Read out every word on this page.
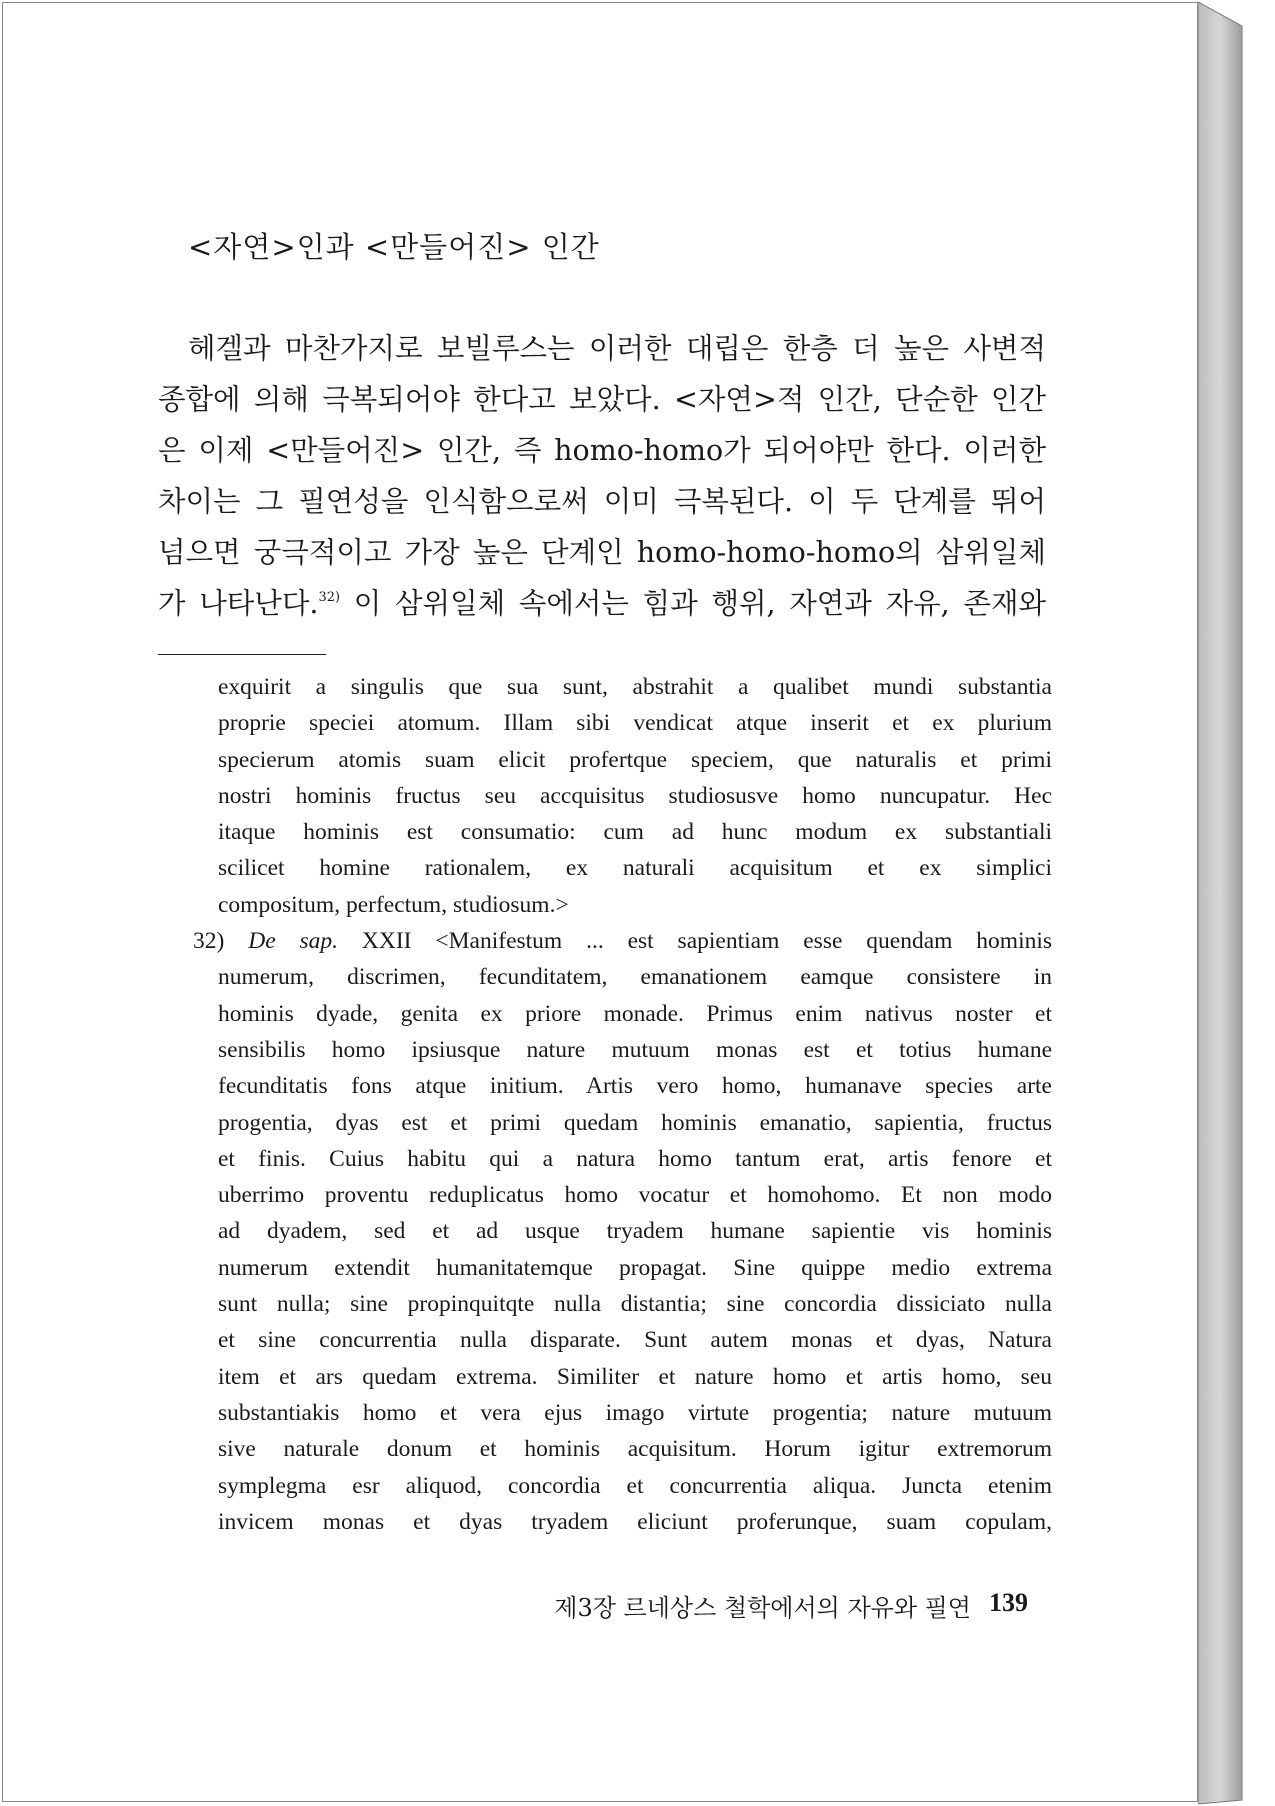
<자연>인과 <만들어진> 인간
헤겔과 마찬가지로 보빌루스는 이러한 대립은 한층 더 높은 사변적
종합에 의해 극복되어야 한다고 보았다. <자연>적 인간, 단순한 인간
은 이제 <만들어진> 인간, 즉 homo-homo가 되어야만 한다. 이러한
차이는 그 필연성을 인식함으로써 이미 극복된다. 이 두 단계를 뛰어
넘으면 궁극적이고 가장 높은 단계인 homo-homo-homo의 삼위일체
가 나타난다.$^{32)}$ 이 삼위일체 속에서는 힘과 행위, 자연과 자유, 존재와
exquirit a singulis que sua sunt, abstrahit a qualibet mundi substantia
proprie speciei atomum. Illam sibi vendicat atque inserit et ex plurium
specierum atomis suam elicit profertque speciem, que naturalis et primi
nostri hominis fructus seu accquisitus studiosusve homo nuncupatur. Hec
itaque hominis est consumatio: cum ad hunc modum ex substantiali
scilicet homine rationalem, ex naturali acquisitum et ex simplici
compositum, perfectum, studiosum.>
32) De sap. XXII <Manifestum ... est sapientiam esse quendam hominis
numerum, discrimen, fecunditatem, emanationem eamque consistere in
hominis dyade, genita ex priore monade. Primus enim nativus noster et
sensibilis homo ipsiusque nature mutuum monas est et totius humane
fecunditatis fons atque initium. Artis vero homo, humanave species arte
progentia, dyas est et primi quedam hominis emanatio, sapientia, fructus
et finis. Cuius habitu qui a natura homo tantum erat, artis fenore et
uberrimo proventu reduplicatus homo vocatur et homohomo. Et non modo
ad dyadem, sed et ad usque tryadem humane sapientie vis hominis
numerum extendit humanitatemque propagat. Sine quippe medio extrema
sunt nulla; sine propinquitqte nulla distantia; sine concordia dissiciato nulla
et sine concurrentia nulla disparate. Sunt autem monas et dyas, Natura
item et ars quedam extrema. Similiter et nature homo et artis homo, seu
substantiakis homo et vera ejus imago virtute progentia; nature mutuum
sive naturale donum et hominis acquisitum. Horum igitur extremorum
symplegma esr aliquod, concordia et concurrentia aliqua. Juncta etenim
invicem monas et dyas tryadem eliciunt proferunque, suam copulam,
제3장 르네상스 철학에서의 자유와 필연 139
